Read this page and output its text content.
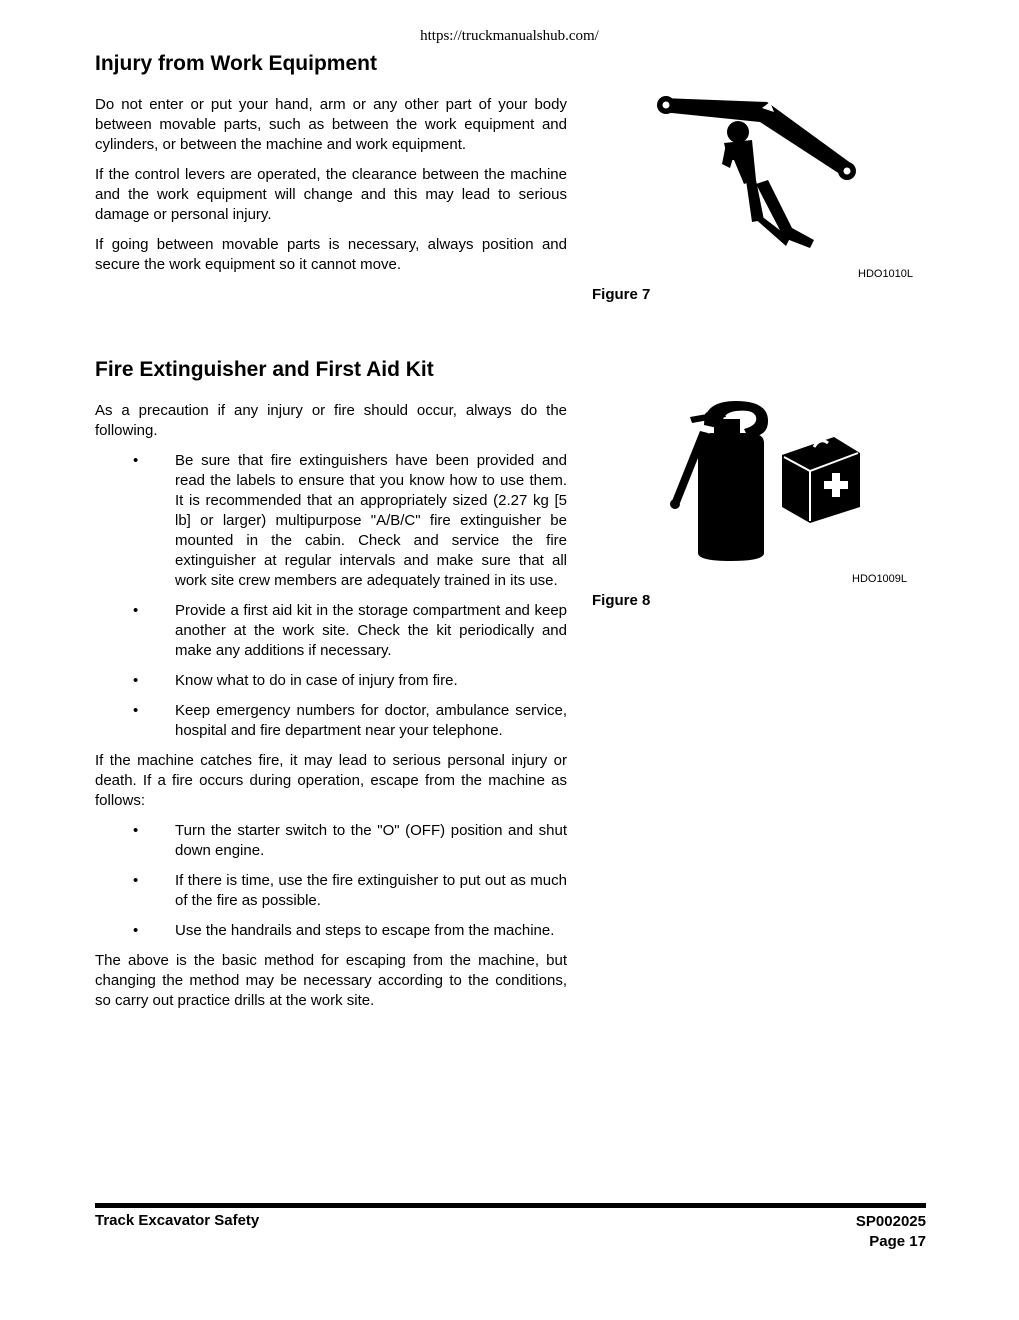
https://truckmanualshub.com/
Injury from Work Equipment

Do not enter or put your hand, arm or any other part of your body between movable parts, such as between the work equipment and cylinders, or between the machine and work equipment.

If the control levers are operated, the clearance between the machine and the work equipment will change and this may lead to serious damage or personal injury.

If going between movable parts is necessary, always position and secure the work equipment so it cannot move.

HDO1010L
Figure 7
Fire Extinguisher and First Aid Kit

As a precaution if any injury or fire should occur, always do the following.

• Be sure that fire extinguishers have been provided and read the labels to ensure that you know how to use them. It is recommended that an appropriately sized (2.27 kg [5 lb] or larger) multipurpose "A/B/C" fire extinguisher be mounted in the cabin. Check and service the fire extinguisher at regular intervals and make sure that all work site crew members are adequately trained in its use.
• Provide a first aid kit in the storage compartment and keep another at the work site. Check the kit periodically and make any additions if necessary.
• Know what to do in case of injury from fire.
• Keep emergency numbers for doctor, ambulance service, hospital and fire department near your telephone.

If the machine catches fire, it may lead to serious personal injury or death. If a fire occurs during operation, escape from the machine as follows:

• Turn the starter switch to the "O" (OFF) position and shut down engine.
• If there is time, use the fire extinguisher to put out as much of the fire as possible.
• Use the handrails and steps to escape from the machine.

The above is the basic method for escaping from the machine, but changing the method may be necessary according to the conditions, so carry out practice drills at the work site.

HDO1009L
Figure 8
Track Excavator Safety	SP002025
Page 17
